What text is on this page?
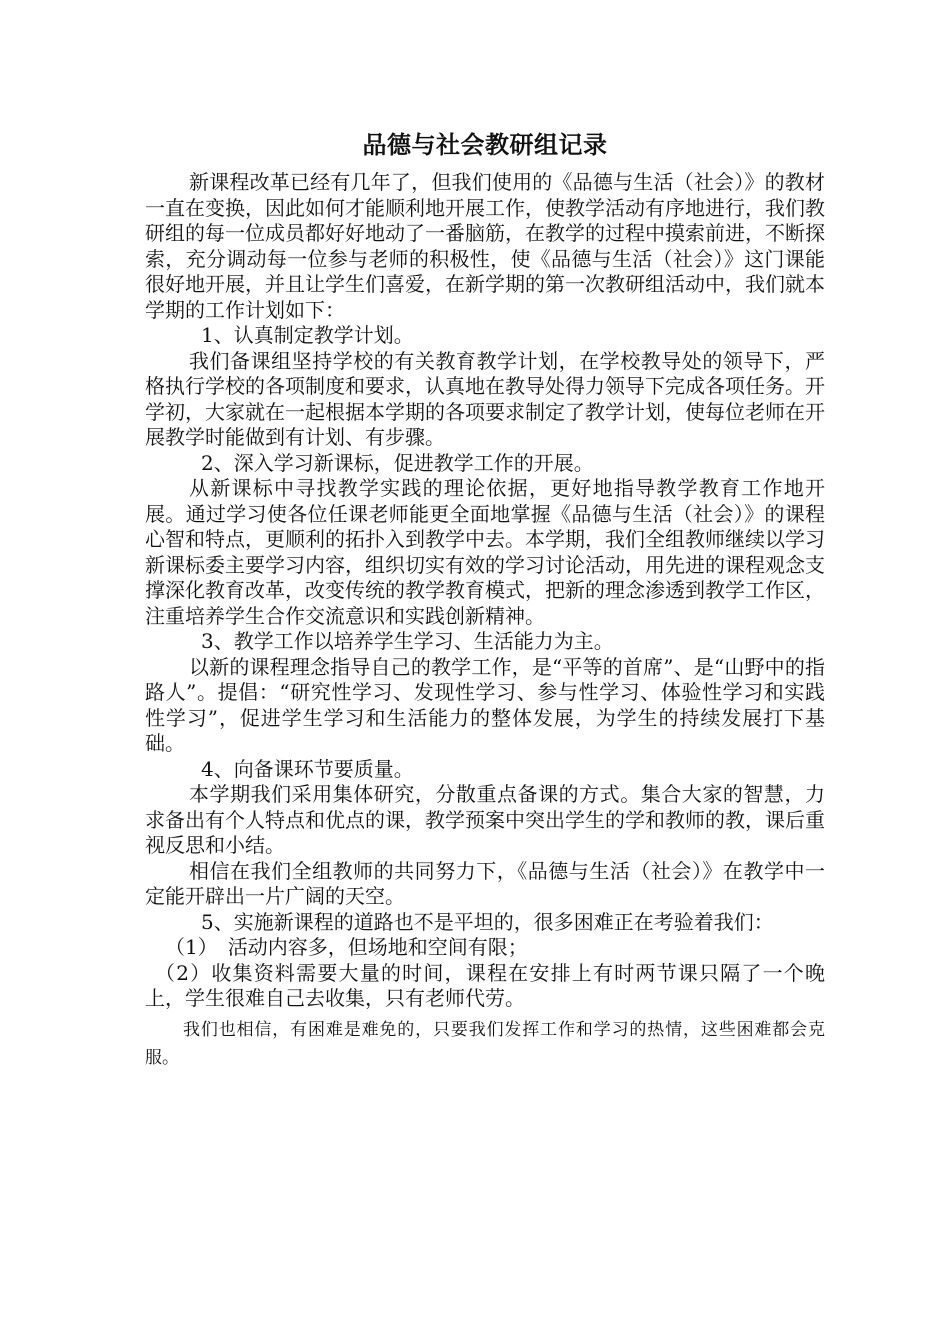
品德与社会教研组记录

新课程改革已经有几年了，但我们使用的《品德与生活（社会）》的教材一直在变换，因此如何才能顺利地开展工作，使教学活动有序地进行，我们教研组的每一位成员都好好地动了一番脑筋，在教学的过程中摸索前进，不断探索，充分调动每一位参与老师的积极性，使《品德与生活（社会）》这门课能很好地开展，并且让学生们喜爱，在新学期的第一次教研组活动中，我们就本学期的工作计划如下：

1、认真制定教学计划。

我们备课组坚持学校的有关教育教学计划，在学校教导处的领导下，严格执行学校的各项制度和要求，认真地在教导处得力领导下完成各项任务。开学初，大家就在一起根据本学期的各项要求制定了教学计划，使每位老师在开展教学时能做到有计划、有步骤。

2、深入学习新课标，促进教学工作的开展。

从新课标中寻找教学实践的理论依据，更好地指导教学教育工作地开展。通过学习使各位任课老师能更全面地掌握《品德与生活（社会）》的课程心智和特点，更顺利的拓扑入到教学中去。本学期，我们全组教师继续以学习新课标委主要学习内容，组织切实有效的学习讨论活动，用先进的课程观念支撑深化教育改革，改变传统的教学教育模式，把新的理念渗透到教学工作区，注重培养学生合作交流意识和实践创新精神。

3、教学工作以培养学生学习、生活能力为主。

以新的课程理念指导自己的教学工作，是“平等的首席”、是“山野中的指路人”。提倡：“研究性学习、发现性学习、参与性学习、体验性学习和实践性学习”，促进学生学习和生活能力的整体发展，为学生的持续发展打下基础。

4、向备课环节要质量。

本学期我们采用集体研究，分散重点备课的方式。集合大家的智慧，力求备出有个人特点和优点的课，教学预案中突出学生的学和教师的教，课后重视反思和小结。

相信在我们全组教师的共同努力下，《品德与生活（社会）》在教学中一定能开辟出一片广阔的天空。

5、实施新课程的道路也不是平坦的，很多困难正在考验着我们：

（1）　活动内容多，但场地和空间有限；

（2）收集资料需要大量的时间，课程在安排上有时两节课只隔了一个晚上，学生很难自己去收集，只有老师代劳。

我们也相信，有困难是难免的，只要我们发挥工作和学习的热情，这些困难都会克服。
